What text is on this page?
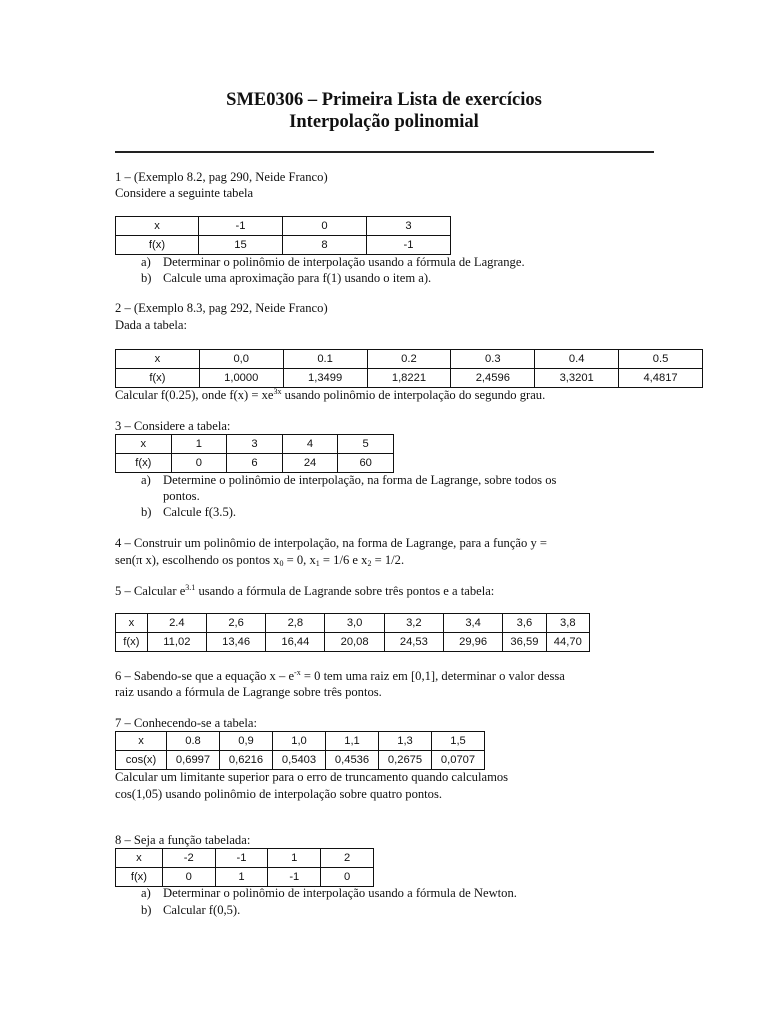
SME0306 – Primeira Lista de exercícios
Interpolação polinomial
1 – (Exemplo 8.2, pag 290, Neide Franco)
Considere a seguinte tabela
x	-1	0	3
f(x)	15	8	-1
a) Determinar o polinômio de interpolação usando a fórmula de Lagrange.
b) Calcule uma aproximação para f(1) usando o item a).
2 – (Exemplo 8.3, pag 292, Neide Franco)
Dada a tabela:
x	0,0	0.1	0.2	0.3	0.4	0.5
f(x)	1,0000	1,3499	1,8221	2,4596	3,3201	4,4817
Calcular f(0.25), onde $f(x) = xe^{3x}$ usando polinômio de interpolação do segundo grau.
3 – Considere a tabela:
x	1	3	4	5
f(x)	0	6	24	60
a) Determine o polinômio de interpolação, na forma de Lagrange, sobre todos os
pontos.
b) Calcule f(3.5).
4 – Construir um polinômio de interpolação, na forma de Lagrange, para a função y =
sen(π x), escolhendo os pontos $x_0 = 0$, $x_1 = 1/6$ e $x_2 = 1/2$.
5 – Calcular $e^{3.1}$ usando a fórmula de Lagrande sobre três pontos e a tabela:
x	2.4	2,6	2,8	3,0	3,2	3,4	3,6	3,8
f(x)	11,02	13,46	16,44	20,08	24,53	29,96	36,59	44,70
6 – Sabendo-se que a equação $x - e^{-x} = 0$ tem uma raiz em [0,1], determinar o valor dessa
raiz usando a fórmula de Lagrange sobre três pontos.
7 – Conhecendo-se a tabela:
x	0.8	0,9	1,0	1,1	1,3	1,5
cos(x)	0,6997	0,6216	0,5403	0,4536	0,2675	0,0707
Calcular um limitante superior para o erro de truncamento quando calculamos
cos(1,05) usando polinômio de interpolação sobre quatro pontos.
8 – Seja a função tabelada:
x	-2	-1	1	2
f(x)	0	1	-1	0
a) Determinar o polinômio de interpolação usando a fórmula de Newton.
b) Calcular f(0,5).
